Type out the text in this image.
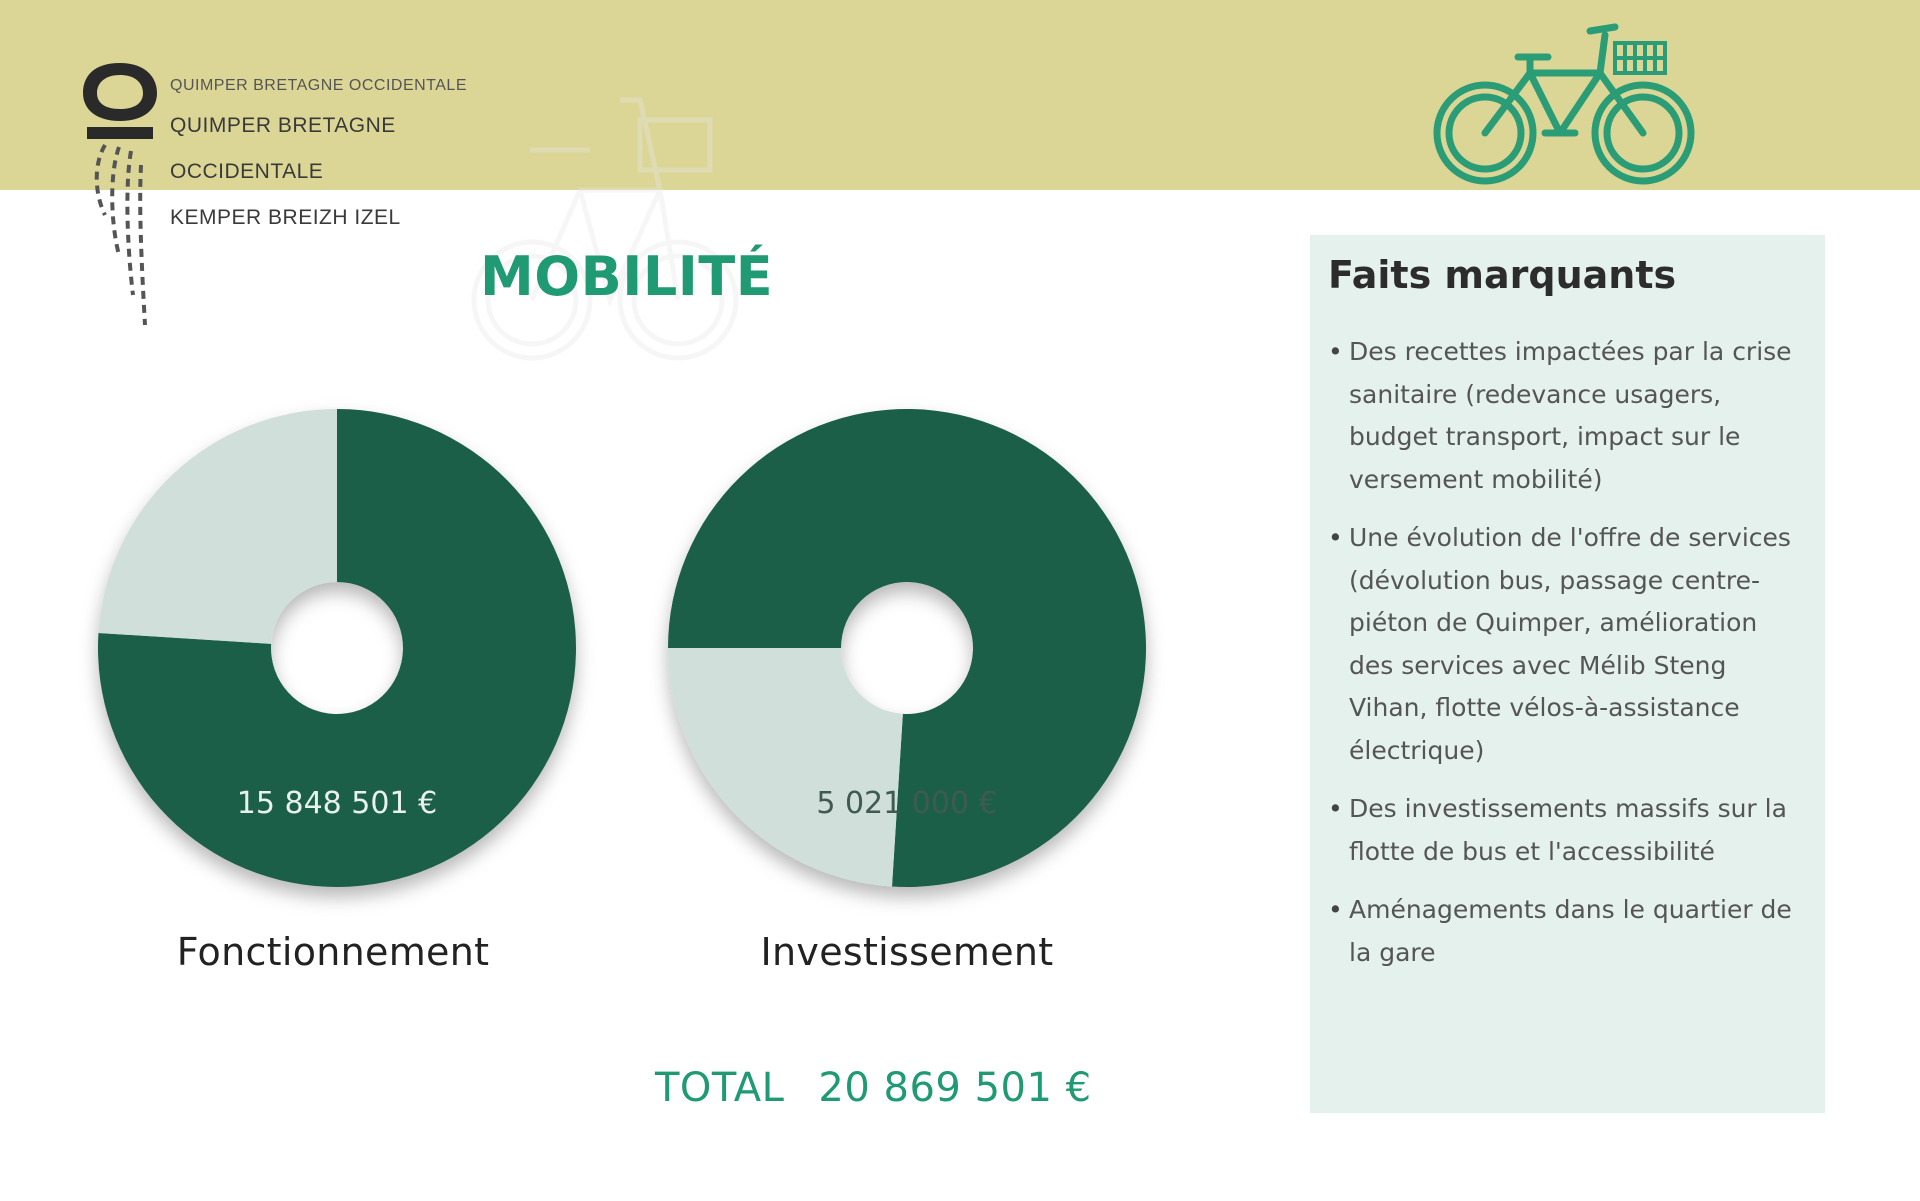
QUIMPER BRETAGNE OCCIDENTALE
QUIMPER BRETAGNE
OCCIDENTALE
KEMPER BREIZH IZEL
MOBILITÉ
15 848 501 €	5 021 000 €
Fonctionnement	Investissement
TOTAL 20 869 501 €
Faits marquants
• Des recettes impactées par la crise sanitaire (redevance usagers, budget transport, impact sur le versement mobilité)
• Une évolution de l'offre de services (dévolution bus, passage centre-piéton de Quimper, amélioration des services avec Mélib Steng Vihan, flotte vélos-à-assistance électrique)
• Des investissements massifs sur la flotte de bus et l'accessibilité
• Aménagements dans le quartier de la gare
